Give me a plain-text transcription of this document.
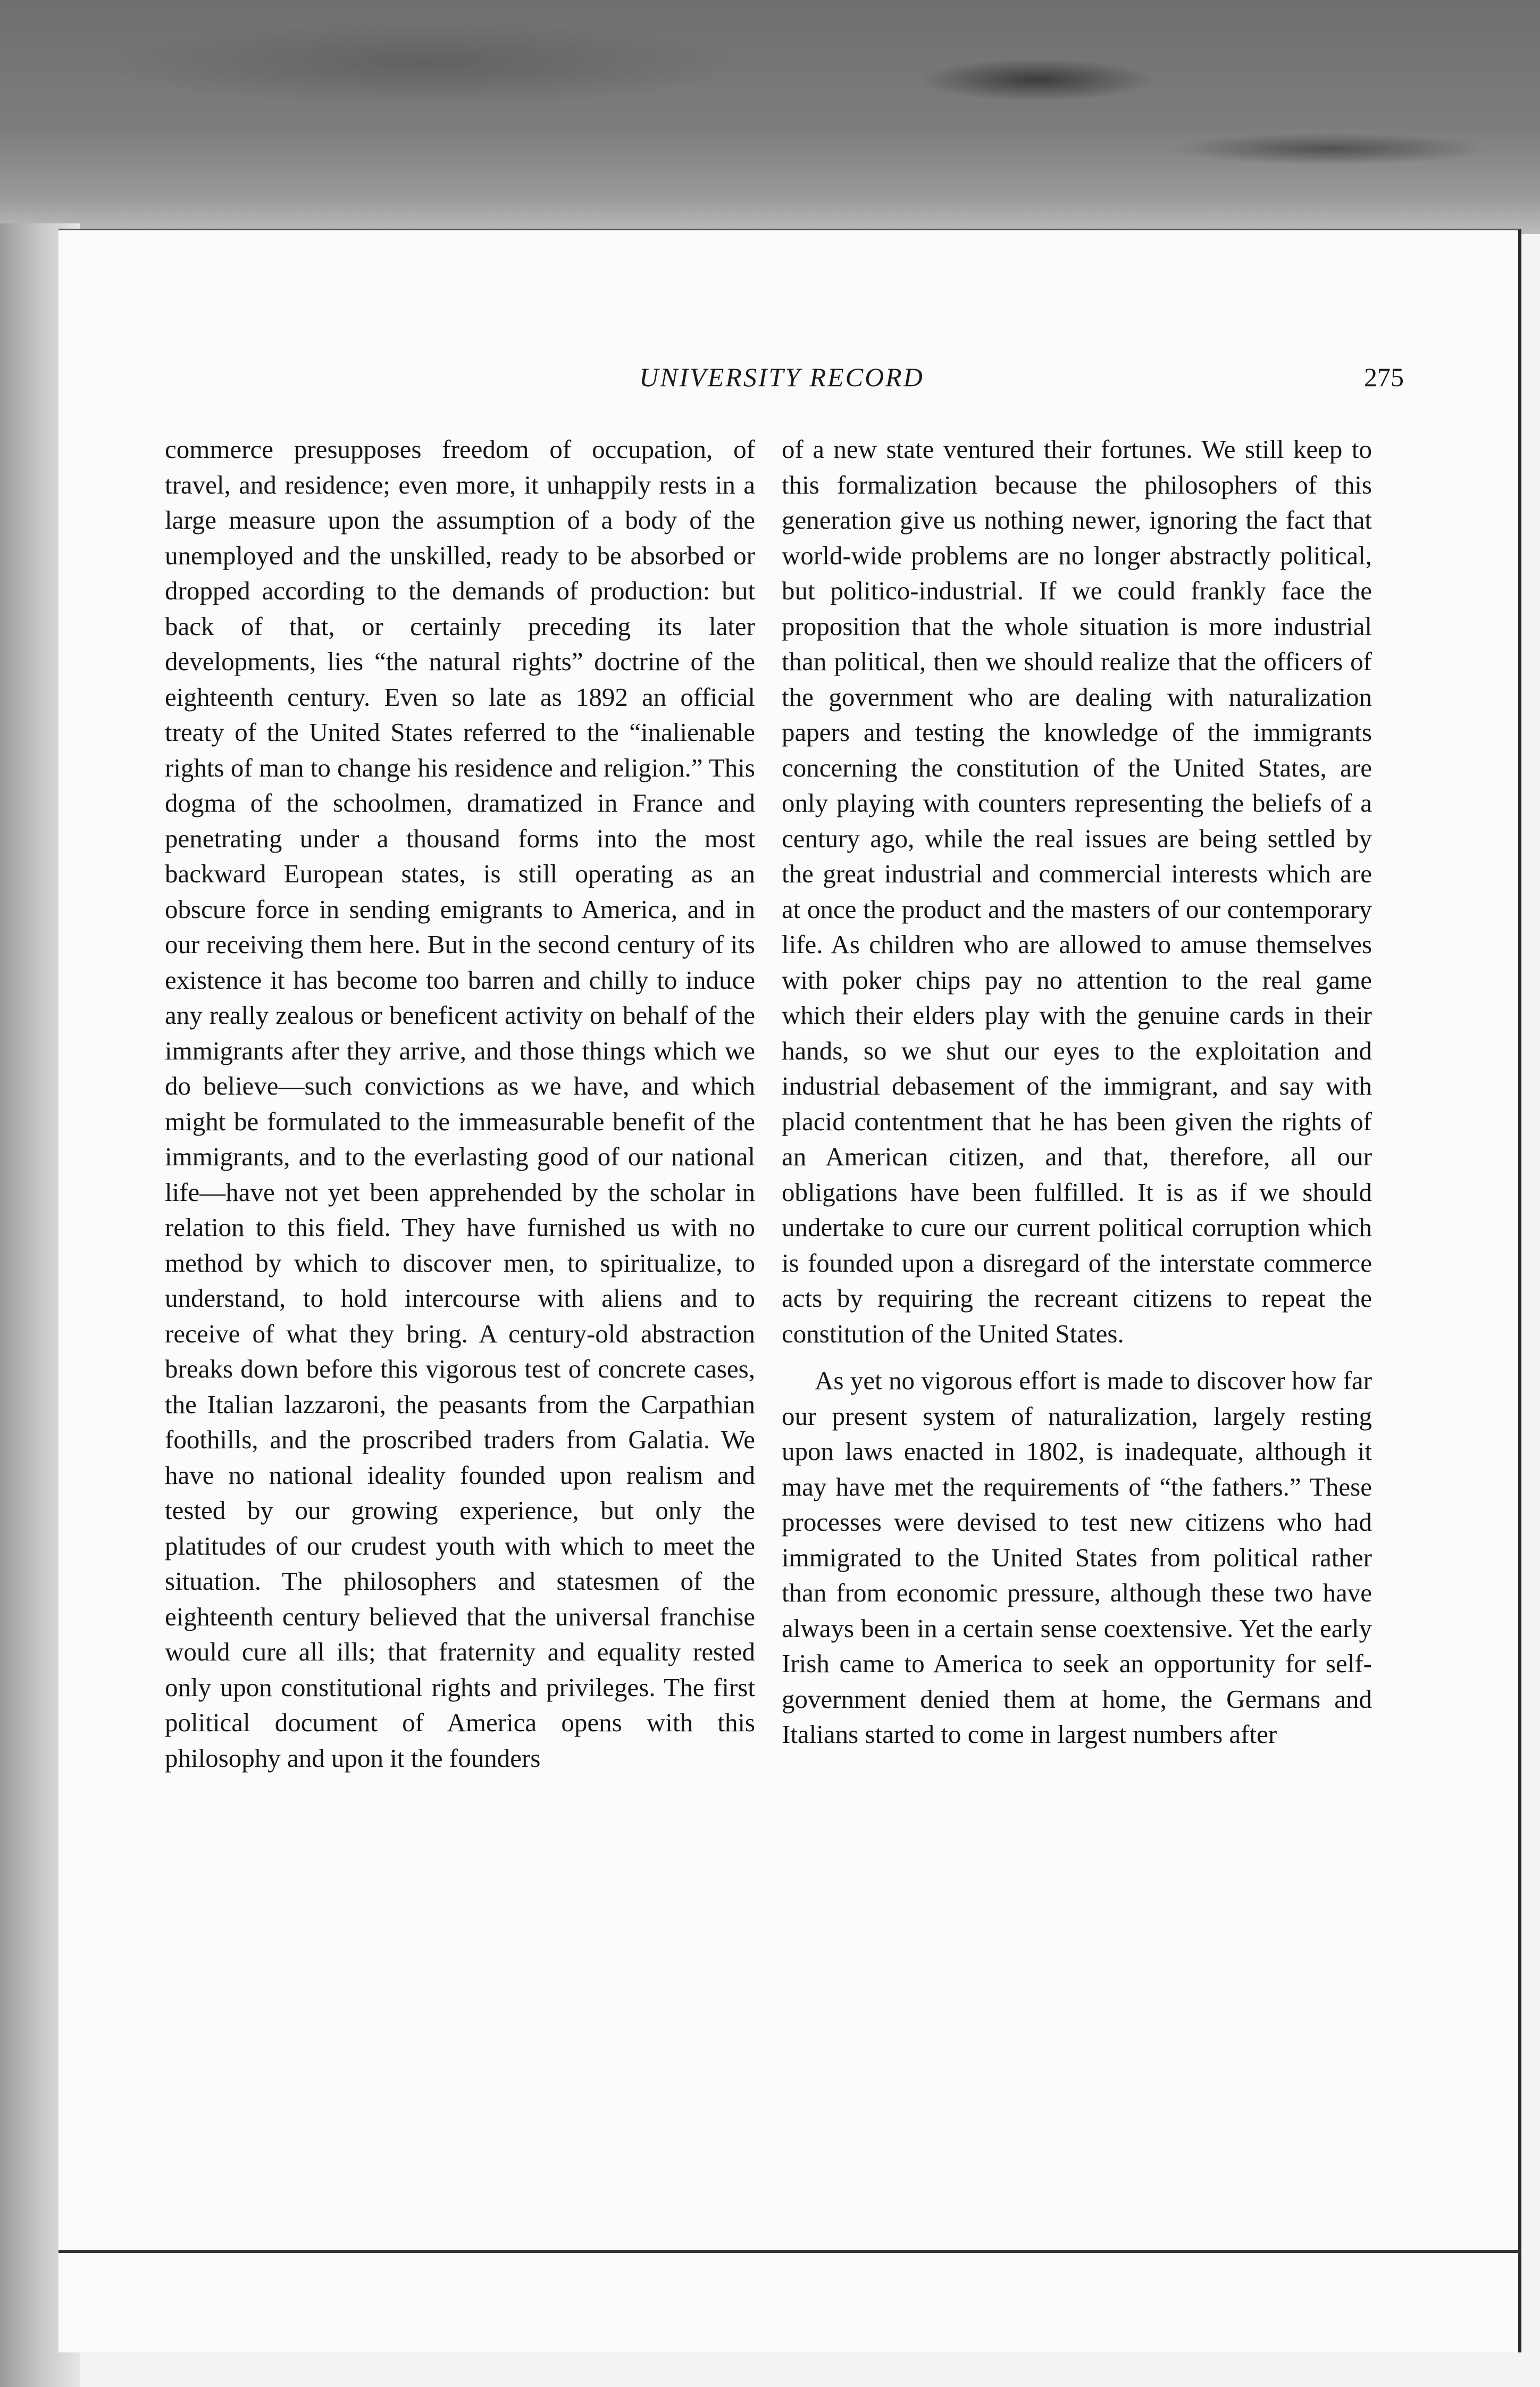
UNIVERSITY RECORD	275

commerce presupposes freedom of occupation, of travel, and residence; even more, it unhappily rests in a large measure upon the assumption of a body of the unemployed and the unskilled, ready to be absorbed or dropped according to the demands of production: but back of that, or certainly preceding its later developments, lies “the natural rights” doctrine of the eighteenth century. Even so late as 1892 an official treaty of the United States referred to the “inalienable rights of man to change his residence and religion.” This dogma of the schoolmen, dramatized in France and penetrating under a thousand forms into the most backward European states, is still operating as an obscure force in sending emigrants to America, and in our receiving them here. But in the second century of its existence it has become too barren and chilly to induce any really zealous or beneficent activity on behalf of the immigrants after they arrive, and those things which we do believe—such convictions as we have, and which might be formulated to the immeasurable benefit of the immigrants, and to the everlasting good of our national life—have not yet been apprehended by the scholar in relation to this field. They have furnished us with no method by which to discover men, to spiritualize, to understand, to hold intercourse with aliens and to receive of what they bring. A century-old abstraction breaks down before this vigorous test of concrete cases, the Italian lazzaroni, the peasants from the Carpathian foothills, and the proscribed traders from Galatia. We have no national ideality founded upon realism and tested by our growing experience, but only the platitudes of our crudest youth with which to meet the situation. The philosophers and statesmen of the eighteenth century believed that the universal franchise would cure all ills; that fraternity and equality rested only upon constitutional rights and privileges. The first political document of America opens with this philosophy and upon it the founders

of a new state ventured their fortunes. We still keep to this formalization because the philosophers of this generation give us nothing newer, ignoring the fact that world-wide problems are no longer abstractly political, but politico-industrial. If we could frankly face the proposition that the whole situation is more industrial than political, then we should realize that the officers of the government who are dealing with naturalization papers and testing the knowledge of the immigrants concerning the constitution of the United States, are only playing with counters representing the beliefs of a century ago, while the real issues are being settled by the great industrial and commercial interests which are at once the product and the masters of our contemporary life. As children who are allowed to amuse themselves with poker chips pay no attention to the real game which their elders play with the genuine cards in their hands, so we shut our eyes to the exploitation and industrial debasement of the immigrant, and say with placid contentment that he has been given the rights of an American citizen, and that, therefore, all our obligations have been fulfilled. It is as if we should undertake to cure our current political corruption which is founded upon a disregard of the interstate commerce acts by requiring the recreant citizens to repeat the constitution of the United States.

As yet no vigorous effort is made to discover how far our present system of naturalization, largely resting upon laws enacted in 1802, is inadequate, although it may have met the requirements of “the fathers.” These processes were devised to test new citizens who had immigrated to the United States from political rather than from economic pressure, although these two have always been in a certain sense coextensive. Yet the early Irish came to America to seek an opportunity for self-government denied them at home, the Germans and Italians started to come in largest numbers after
